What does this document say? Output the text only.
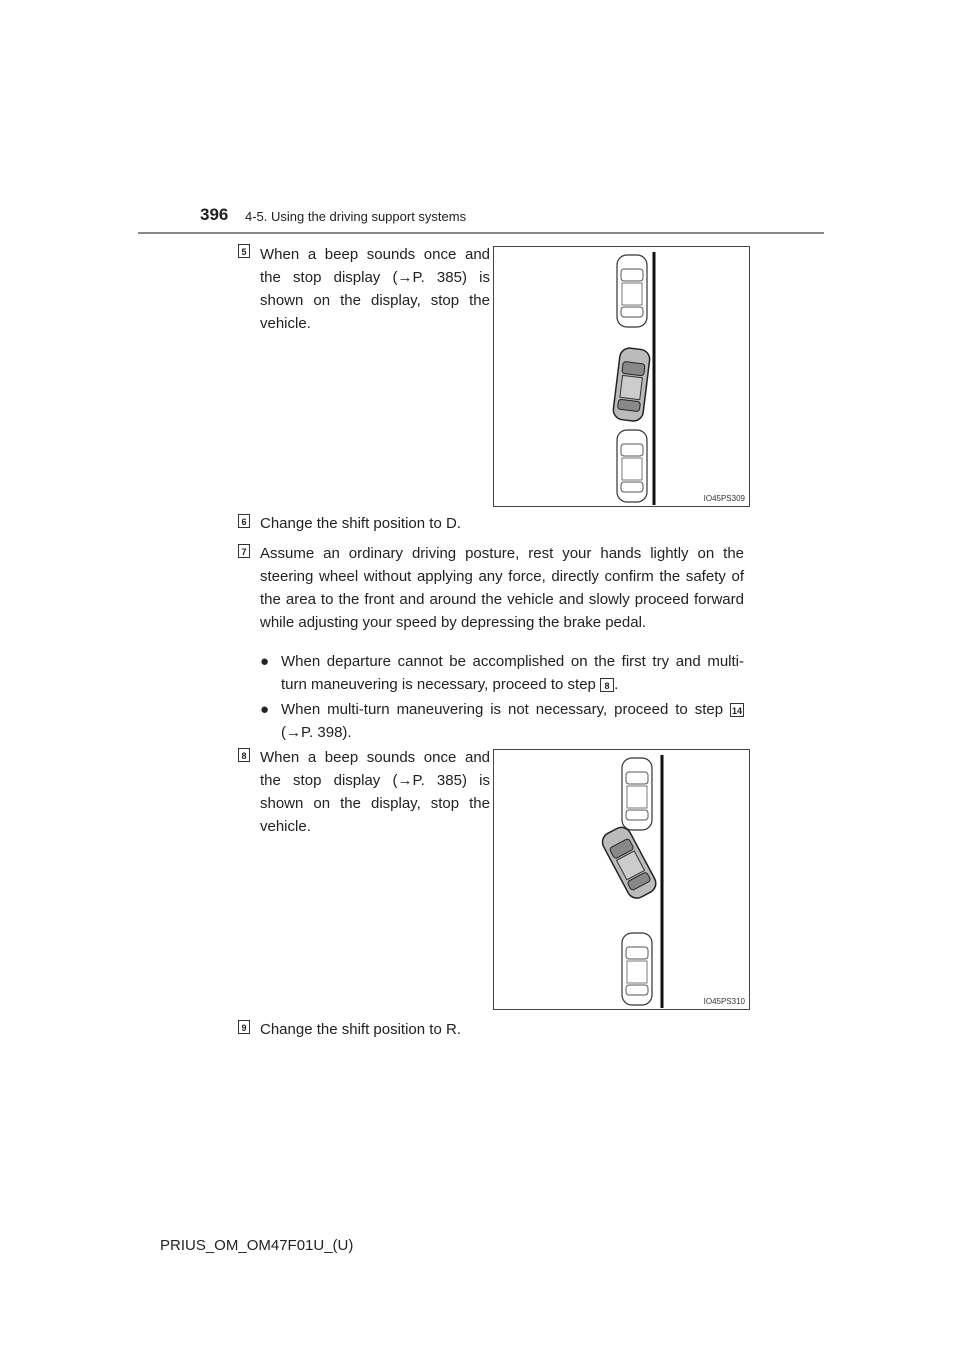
396 4-5. Using the driving support systems
5 When a beep sounds once and the stop display (→P. 385) is shown on the display, stop the vehicle.
IO45PS309
6 Change the shift position to D.
7 Assume an ordinary driving posture, rest your hands lightly on the steering wheel without applying any force, directly confirm the safety of the area to the front and around the vehicle and slowly proceed forward while adjusting your speed by depressing the brake pedal.
● When departure cannot be accomplished on the first try and multi-turn maneuvering is necessary, proceed to step 8 .
● When multi-turn maneuvering is not necessary, proceed to step 14 (→P. 398).
8 When a beep sounds once and the stop display (→P. 385) is shown on the display, stop the vehicle.
IO45PS310
9 Change the shift position to R.
PRIUS_OM_OM47F01U_(U)
